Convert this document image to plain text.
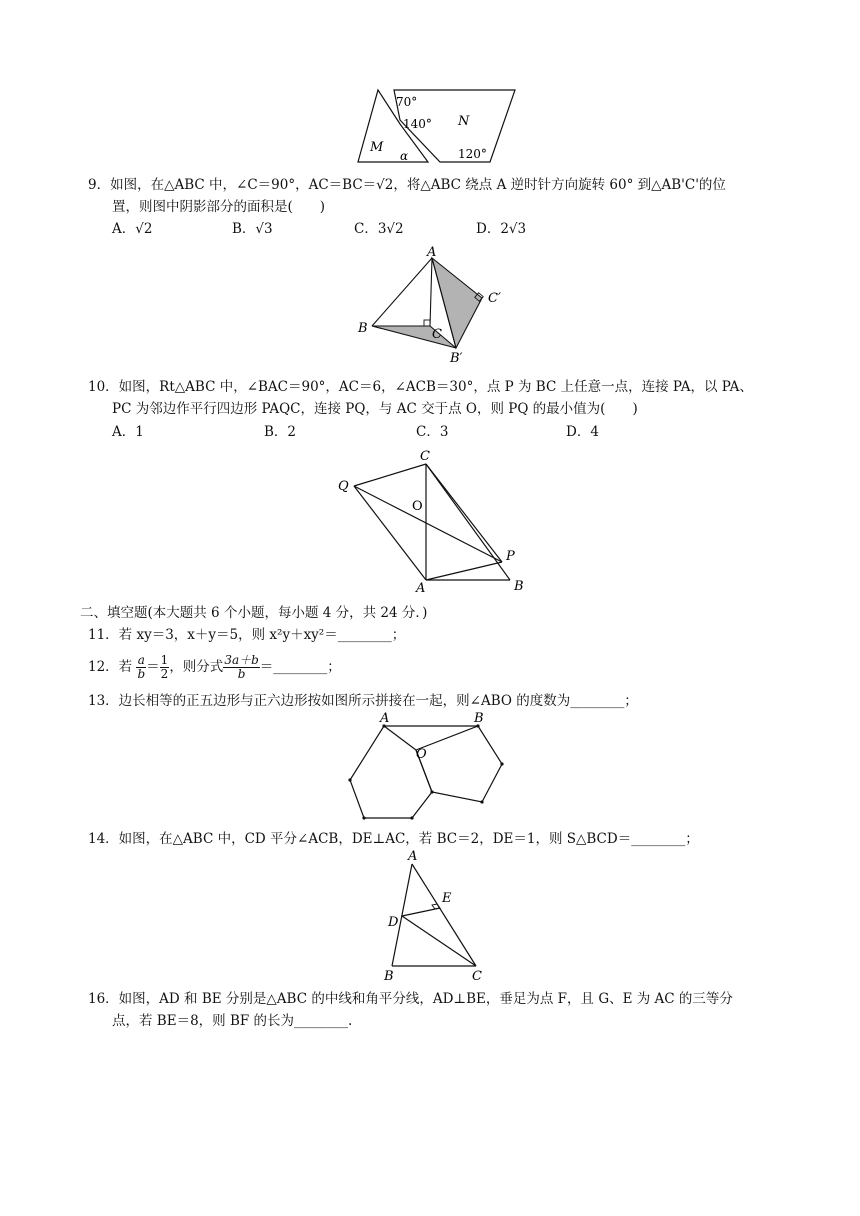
70°
140° N
M
α	120°
9．如图，在△ABC 中，∠C＝90°，AC＝BC＝√2，将△ABC 绕点 A 逆时针方向旋转 60° 到△AB'C'的位
置，则图中阴影部分的面积是(　　)
A．√2	B．√3	C．3√2	D．2√3
A
B	C
B′
C′
10．如图，Rt△ABC 中，∠BAC＝90°，AC＝6，∠ACB＝30°，点 P 为 BC 上任意一点，连接 PA，以 PA、
PC 为邻边作平行四边形 PAQC，连接 PQ，与 AC 交于点 O，则 PQ 的最小值为(　　)
A．1	B．2	C．3	D．4
C
Q
O
P
A	B
二、填空题(本大题共 6 个小题，每小题 4 分，共 24 分．)
11．若 xy＝3，x＋y＝5，则 x²y＋xy²＝________；
12．若 $\frac{a}{b} = \frac{1}{2}$ ，则分式 $\frac{3a+b}{b}$ ＝________；
13．边长相等的正五边形与正六边形按如图所示拼接在一起，则∠ABO 的度数为________；
A	B
O
14．如图，在△ABC 中，CD 平分∠ACB，DE⊥AC，若 BC＝2，DE＝1，则 S△BCD＝________；
A
E
D
B	C
16．如图，AD 和 BE 分别是△ABC 的中线和角平分线，AD⊥BE，垂足为点 F，且 G、E 为 AC 的三等分
点，若 BE＝8，则 BF 的长为________.
